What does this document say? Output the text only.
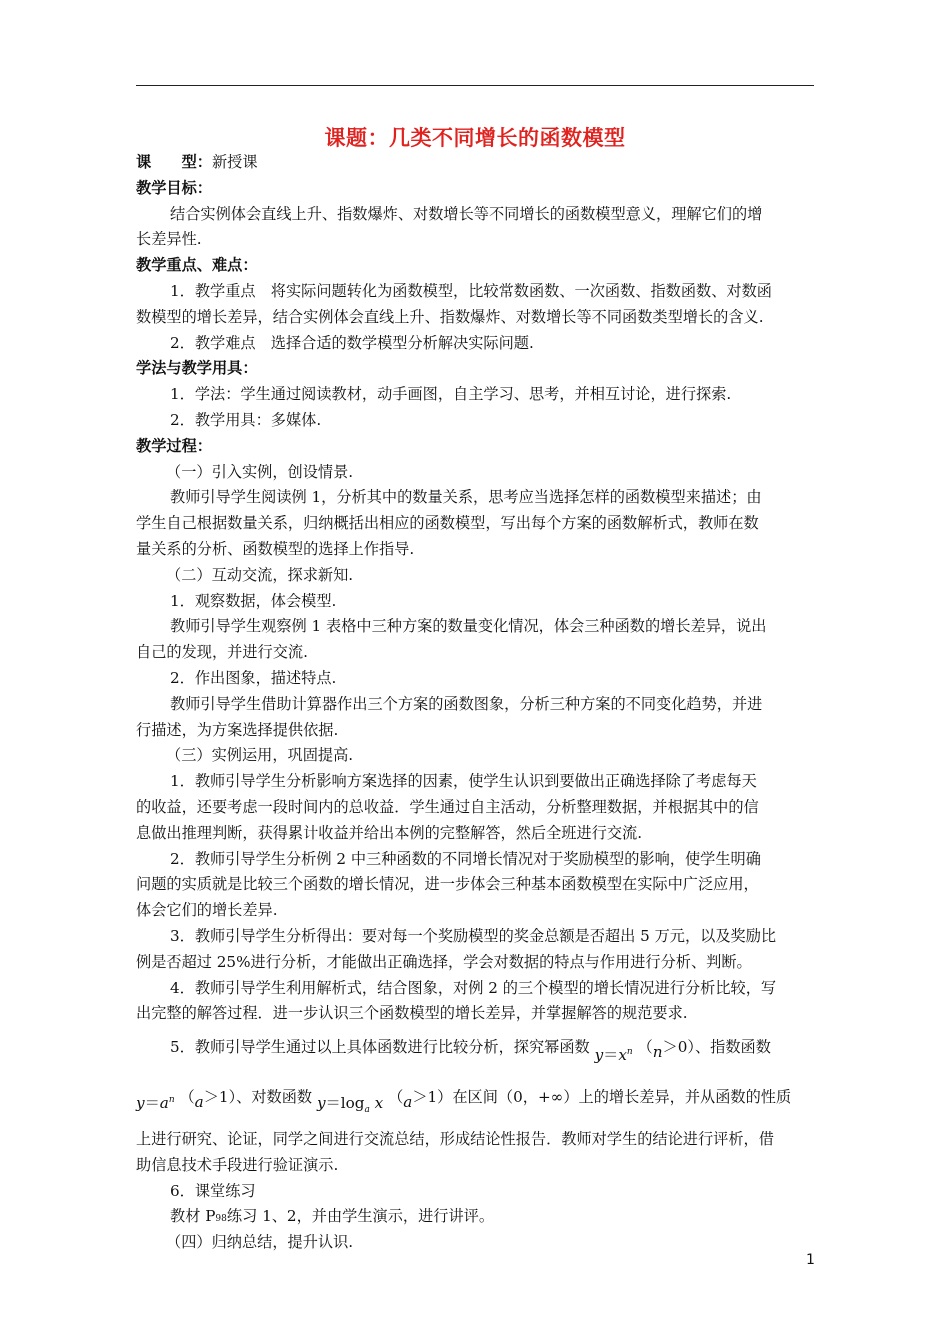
课题：几类不同增长的函数模型
课　　型：新授课
教学目标：
结合实例体会直线上升、指数爆炸、对数增长等不同增长的函数模型意义，理解它们的增
长差异性.
教学重点、难点：
1．教学重点　将实际问题转化为函数模型，比较常数函数、一次函数、指数函数、对数函
数模型的增长差异，结合实例体会直线上升、指数爆炸、对数增长等不同函数类型增长的含义.
2．教学难点　选择合适的数学模型分析解决实际问题.
学法与教学用具：
1．学法：学生通过阅读教材，动手画图，自主学习、思考，并相互讨论，进行探索.
2．教学用具：多媒体.
教学过程：
（一）引入实例，创设情景.
教师引导学生阅读例 1，分析其中的数量关系，思考应当选择怎样的函数模型来描述；由
学生自己根据数量关系，归纳概括出相应的函数模型，写出每个方案的函数解析式，教师在数
量关系的分析、函数模型的选择上作指导.
（二）互动交流，探求新知.
1．观察数据，体会模型.
教师引导学生观察例 1 表格中三种方案的数量变化情况，体会三种函数的增长差异，说出
自己的发现，并进行交流.
2．作出图象，描述特点.
教师引导学生借助计算器作出三个方案的函数图象，分析三种方案的不同变化趋势，并进
行描述，为方案选择提供依据.
（三）实例运用，巩固提高.
1．教师引导学生分析影响方案选择的因素，使学生认识到要做出正确选择除了考虑每天
的收益，还要考虑一段时间内的总收益．学生通过自主活动，分析整理数据，并根据其中的信
息做出推理判断，获得累计收益并给出本例的完整解答，然后全班进行交流.
2．教师引导学生分析例 2 中三种函数的不同增长情况对于奖励模型的影响，使学生明确
问题的实质就是比较三个函数的增长情况，进一步体会三种基本函数模型在实际中广泛应用，
体会它们的增长差异.
3．教师引导学生分析得出：要对每一个奖励模型的奖金总额是否超出 5 万元，以及奖励比
例是否超过 25%进行分析，才能做出正确选择，学会对数据的特点与作用进行分析、判断。
4．教师引导学生利用解析式，结合图象，对例 2 的三个模型的增长情况进行分析比较，写
出完整的解答过程．进一步认识三个函数模型的增长差异，并掌握解答的规范要求.
5．教师引导学生通过以上具体函数进行比较分析，探究幂函数 $y=x^n$ （n＞0）、指数函数
$y=a^n$ （a＞1）、对数函数 $y=\log_a$ x （a＞1）在区间（0，+∞）上的增长差异，并从函数的性质
上进行研究、论证，同学之间进行交流总结，形成结论性报告．教师对学生的结论进行评析，借
助信息技术手段进行验证演示.
6．课堂练习
教材 P98练习 1、2，并由学生演示，进行讲评。
（四）归纳总结，提升认识.
1
